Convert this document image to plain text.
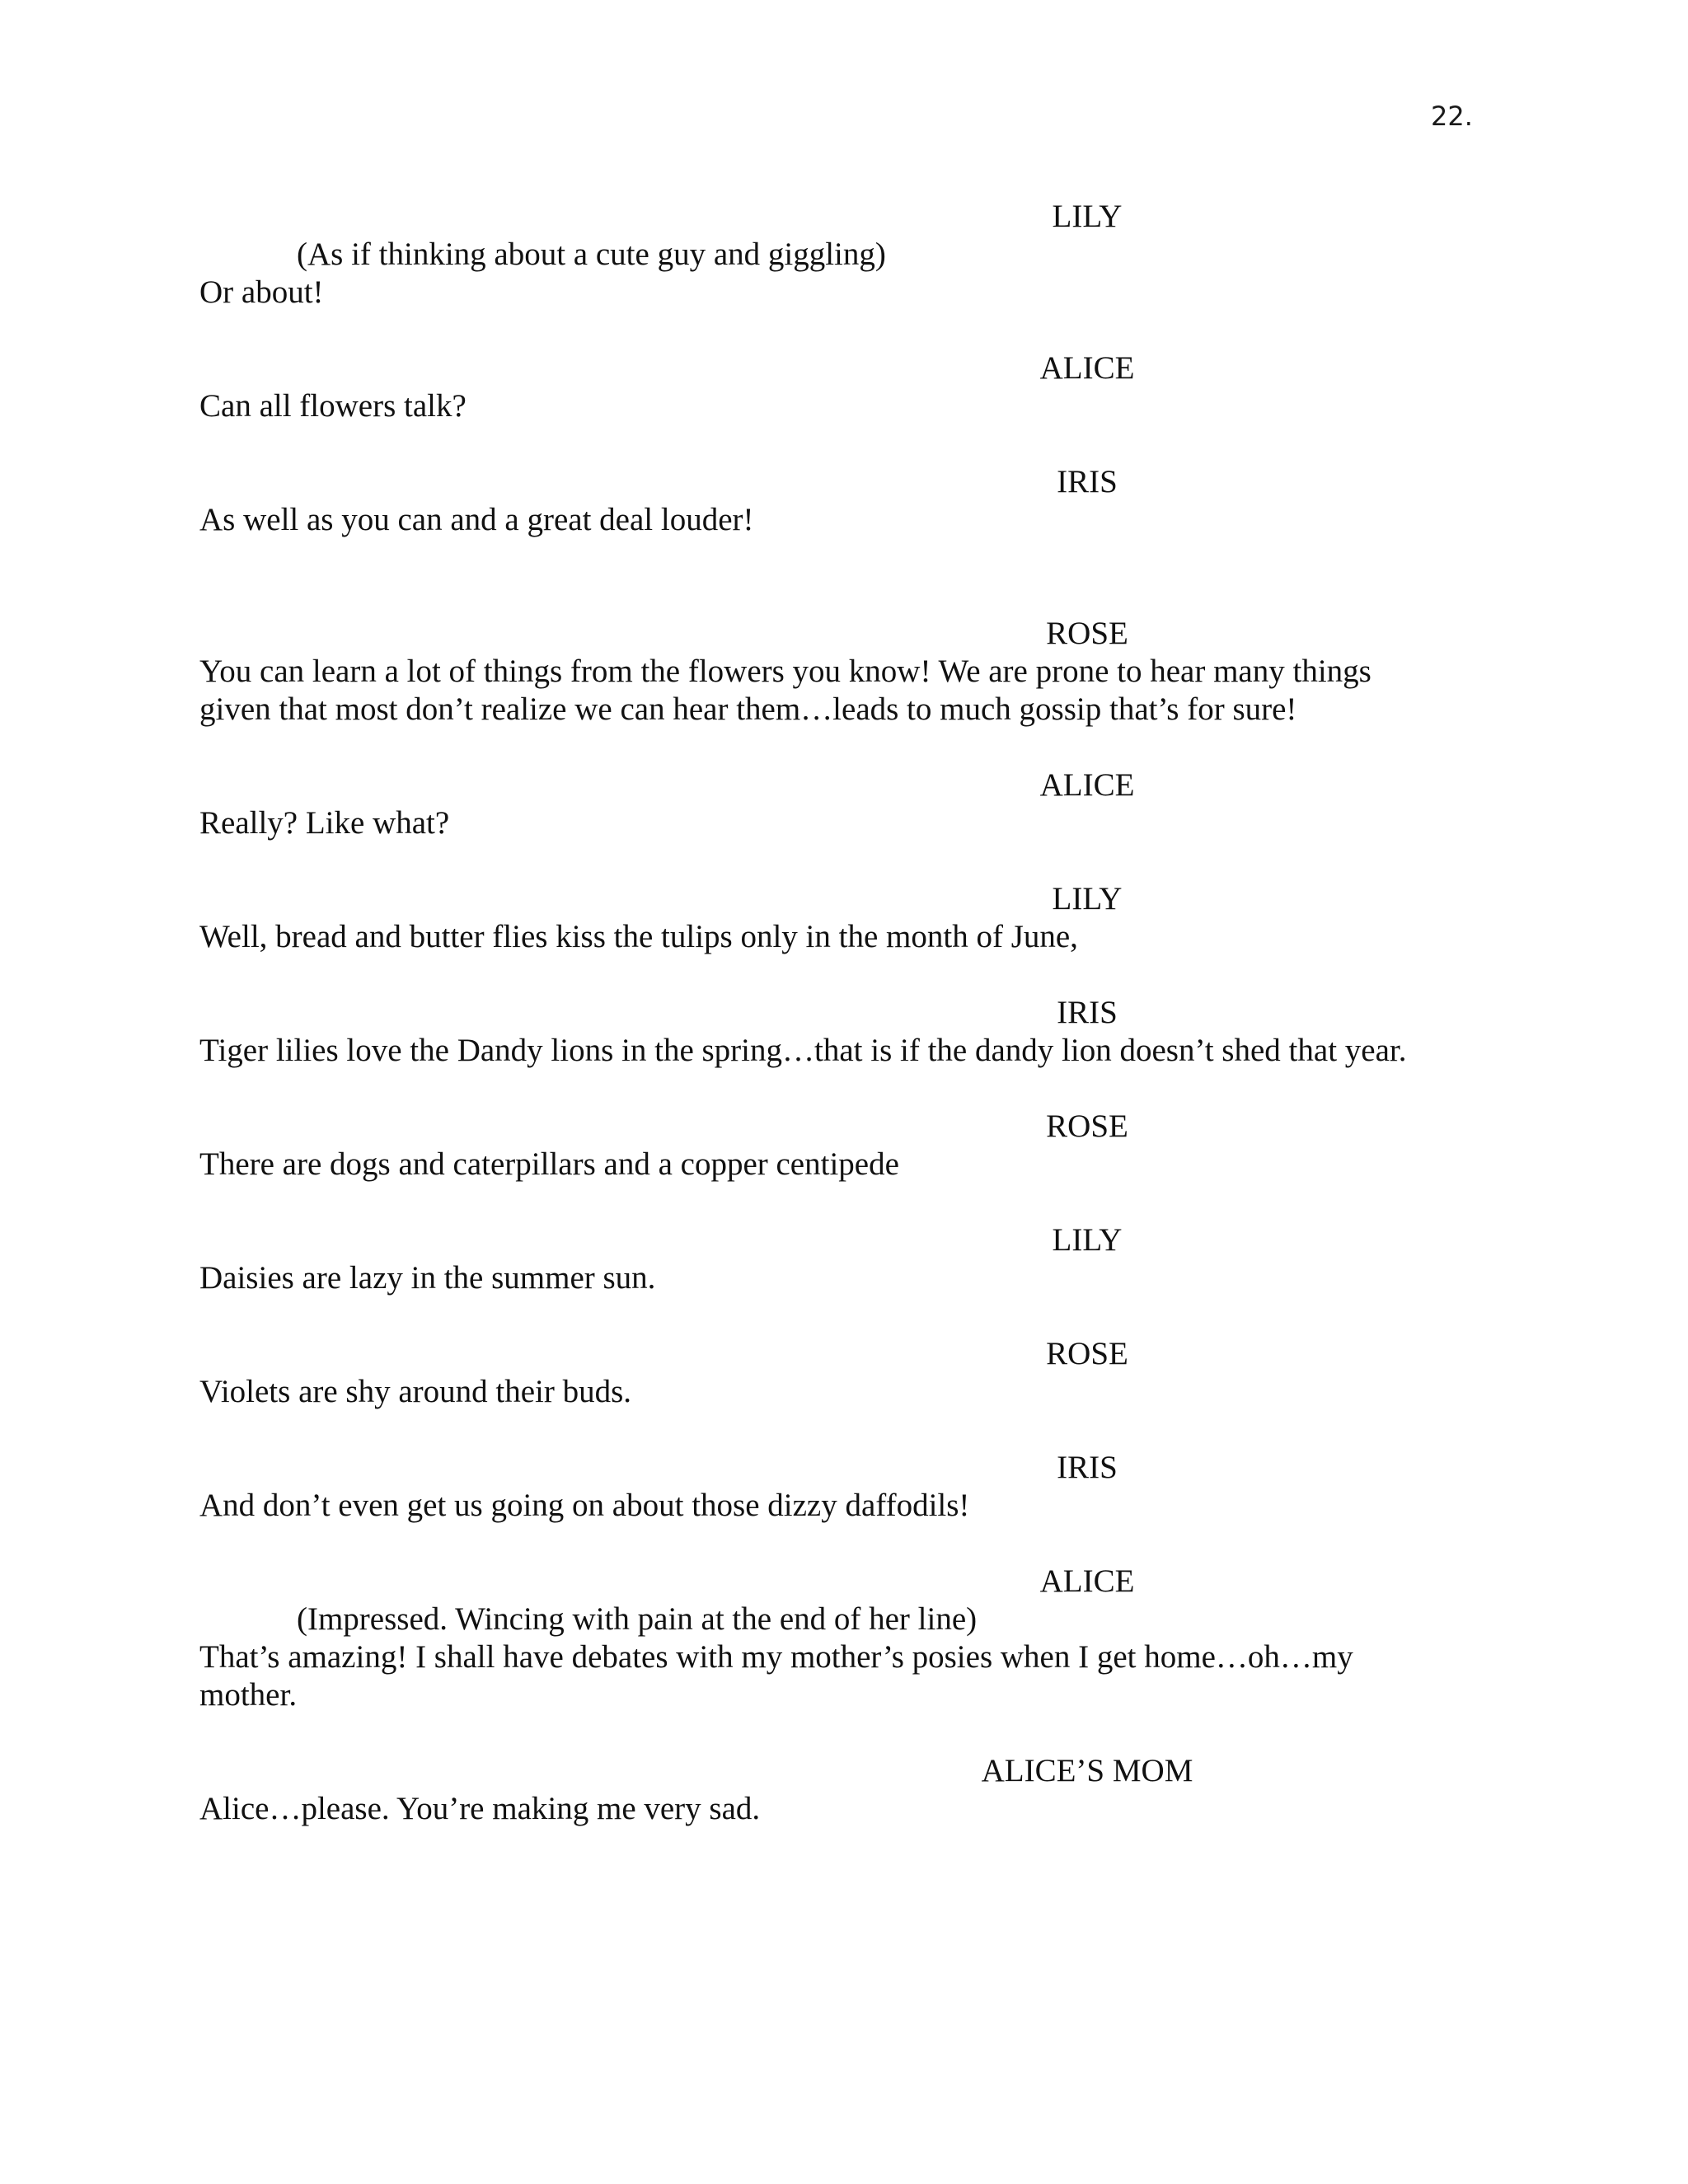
22.
LILY
(As if thinking about a cute guy and giggling)
Or about!
ALICE
Can all flowers talk?
IRIS
As well as you can and a great deal louder!
ROSE
You can learn a lot of things from the flowers you know! We are prone to hear many things
given that most don’t realize we can hear them…leads to much gossip that’s for sure!
ALICE
Really? Like what?
LILY
Well, bread and butter flies kiss the tulips only in the month of June,
IRIS
Tiger lilies love the Dandy lions in the spring…that is if the dandy lion doesn’t shed that year.
ROSE
There are dogs and caterpillars and a copper centipede
LILY
Daisies are lazy in the summer sun.
ROSE
Violets are shy around their buds.
IRIS
And don’t even get us going on about those dizzy daffodils!
ALICE
(Impressed. Wincing with pain at the end of her line)
That’s amazing! I shall have debates with my mother’s posies when I get home…oh…my
mother.
ALICE’S MOM
Alice…please. You’re making me very sad.
